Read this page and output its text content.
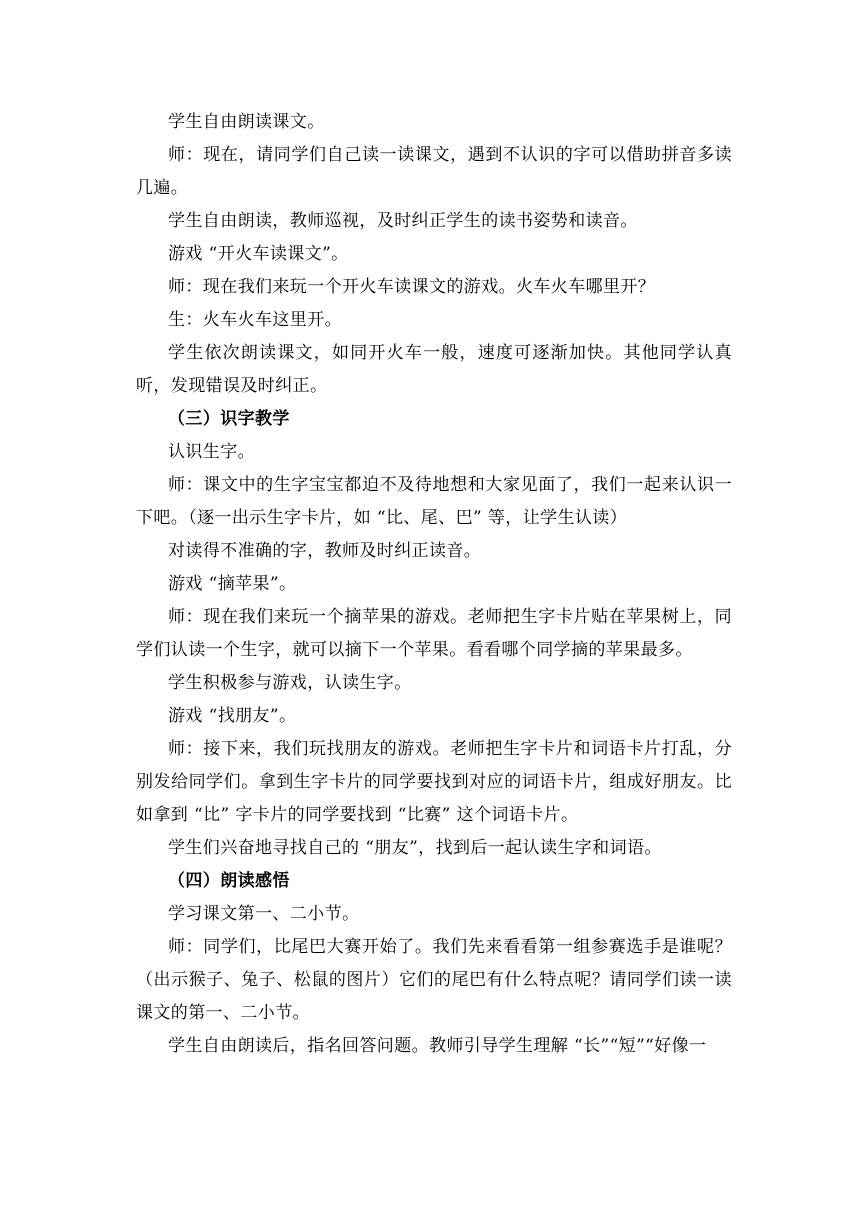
学生自由朗读课文。

师：现在，请同学们自己读一读课文，遇到不认识的字可以借助拼音多读几遍。

学生自由朗读，教师巡视，及时纠正学生的读书姿势和读音。

游戏 “开火车读课文”。

师：现在我们来玩一个开火车读课文的游戏。火车火车哪里开？

生：火车火车这里开。

学生依次朗读课文，如同开火车一般，速度可逐渐加快。其他同学认真听，发现错误及时纠正。

（三）识字教学

认识生字。

师：课文中的生字宝宝都迫不及待地想和大家见面了，我们一起来认识一下吧。（逐一出示生字卡片，如 “比、尾、巴” 等，让学生认读）

对读得不准确的字，教师及时纠正读音。

游戏 “摘苹果”。

师：现在我们来玩一个摘苹果的游戏。老师把生字卡片贴在苹果树上，同学们认读一个生字，就可以摘下一个苹果。看看哪个同学摘的苹果最多。

学生积极参与游戏，认读生字。

游戏 “找朋友”。

师：接下来，我们玩找朋友的游戏。老师把生字卡片和词语卡片打乱，分别发给同学们。拿到生字卡片的同学要找到对应的词语卡片，组成好朋友。比如拿到 “比” 字卡片的同学要找到 “比赛” 这个词语卡片。

学生们兴奋地寻找自己的 “朋友”，找到后一起认读生字和词语。

（四）朗读感悟

学习课文第一、二小节。

师：同学们，比尾巴大赛开始了。我们先来看看第一组参赛选手是谁呢？（出示猴子、兔子、松鼠的图片）它们的尾巴有什么特点呢？请同学们读一读课文的第一、二小节。

学生自由朗读后，指名回答问题。教师引导学生理解 “长”“短”“好像一
